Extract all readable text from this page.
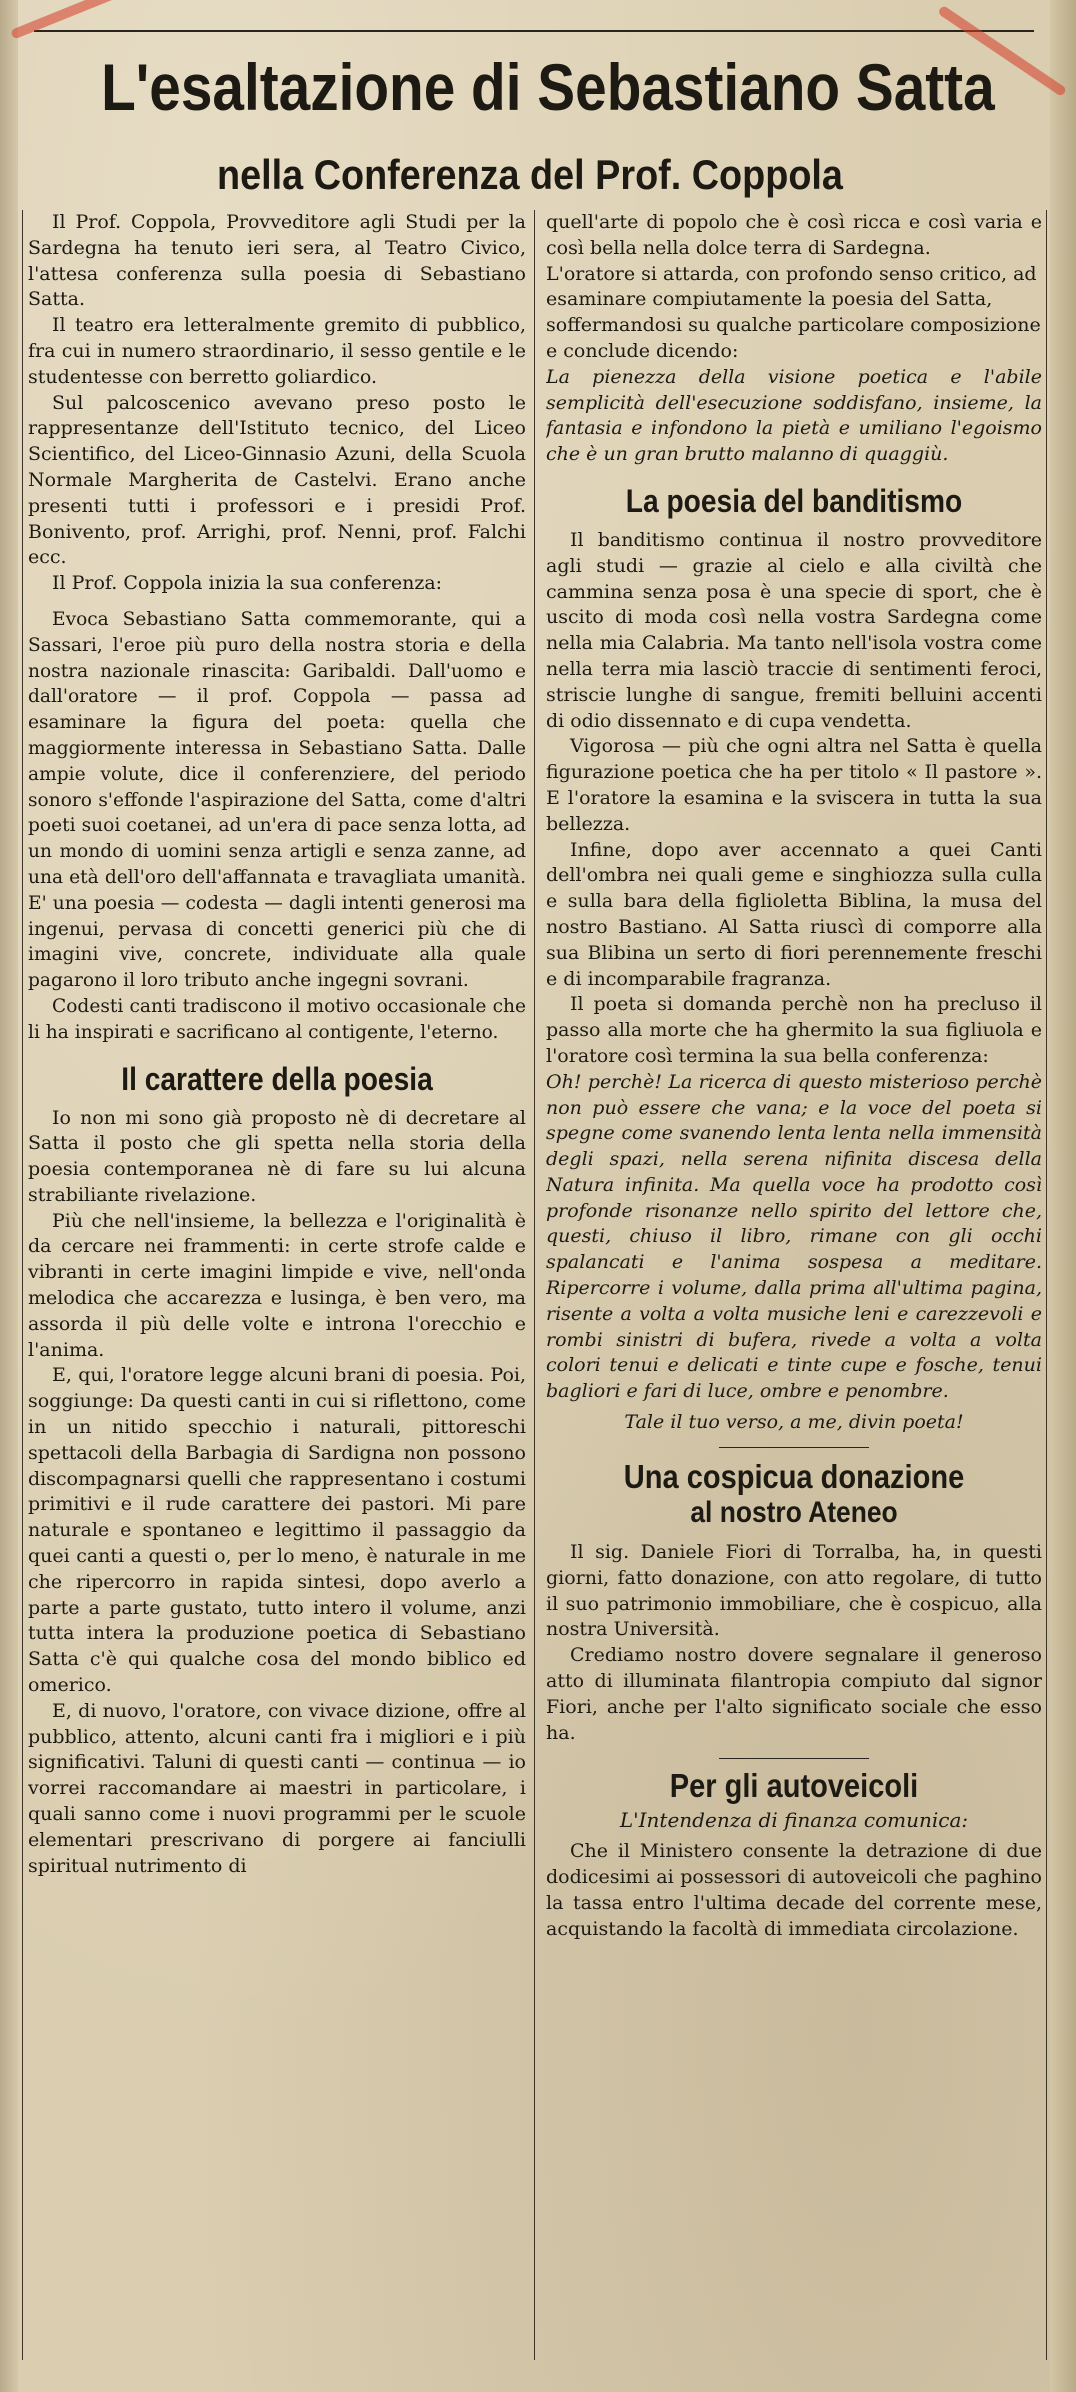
L'esaltazione di Sebastiano Satta
nella Conferenza del Prof. Coppola

Il Prof. Coppola, Provveditore agli Studi per la Sardegna ha tenuto ieri sera, al Teatro Civico, l'attesa conferenza sulla poesia di Sebastiano Satta.

Il teatro era letteralmente gremito di pubblico, fra cui in numero straordinario, il sesso gentile e le studentesse con berretto goliardico.

Sul palcoscenico avevano preso posto le rappresentanze dell'Istituto tecnico, del Liceo Scientifico, del Liceo-Ginnasio Azuni, della Scuola Normale Margherita de Castelvi. Erano anche presenti tutti i professori e i presidi Prof. Bonivento, prof. Arrighi, prof. Nenni, prof. Falchi ecc.

Il Prof. Coppola inizia la sua conferenza:

Evoca Sebastiano Satta commemorante, qui a Sassari, l'eroe più puro della nostra storia e della nostra nazionale rinascita: Garibaldi. Dall'uomo e dall'oratore — il prof. Coppola — passa ad esaminare la figura del poeta: quella che maggiormente interessa in Sebastiano Satta. Dalle ampie volute, dice il conferenziere, del periodo sonoro s'effonde l'aspirazione del Satta, come d'altri poeti suoi coetanei, ad un'era di pace senza lotta, ad un mondo di uomini senza artigli e senza zanne, ad una età dell'oro dell'affannata e travagliata umanità. E' una poesia — codesta — dagli intenti generosi ma ingenui, pervasa di concetti generici più che di imagini vive, concrete, individuate alla quale pagarono il loro tributo anche ingegni sovrani.

Codesti canti tradiscono il motivo occasionale che li ha inspirati e sacrificano al contigente, l'eterno.

Il carattere della poesia

Io non mi sono già proposto nè di decretare al Satta il posto che gli spetta nella storia della poesia contemporanea nè di fare su lui alcuna strabiliante rivelazione.

Più che nell'insieme, la bellezza e l'originalità è da cercare nei frammenti: in certe strofe calde e vibranti in certe imagini limpide e vive, nell'onda melodica che accarezza e lusinga, è ben vero, ma assorda il più delle volte e introna l'orecchio e l'anima.

E, qui, l'oratore legge alcuni brani di poesia. Poi, soggiunge: Da questi canti in cui si riflettono, come in un nitido specchio i naturali, pittoreschi spettacoli della Barbagia di Sardigna non possono discompagnarsi quelli che rappresentano i costumi primitivi e il rude carattere dei pastori. Mi pare naturale e spontaneo e legittimo il passaggio da quei canti a questi o, per lo meno, è naturale in me che ripercorro in rapida sintesi, dopo averlo a parte a parte gustato, tutto intero il volume, anzi tutta intera la produzione poetica di Sebastiano Satta c'è qui qualche cosa del mondo biblico ed omerico.

E, di nuovo, l'oratore, con vivace dizione, offre al pubblico, attento, alcuni canti fra i migliori e i più significativi. Taluni di questi canti — continua — io vorrei raccomandare ai maestri in particolare, i quali sanno come i nuovi programmi per le scuole elementari prescrivano di porgere ai fanciulli spiritual nutrimento di

quell'arte di popolo che è così ricca e così varia e così bella nella dolce terra di Sardegna.

L'oratore si attarda, con profondo senso critico, ad esaminare compiutamente la poesia del Satta, soffermandosi su qualche particolare composizione e conclude dicendo:

La pienezza della visione poetica e l'abile semplicità dell'esecuzione soddisfano, insieme, la fantasia e infondono la pietà e umiliano l'egoismo che è un gran brutto malanno di quaggiù.

La poesia del banditismo

Il banditismo continua il nostro provveditore agli studi — grazie al cielo e alla civiltà che cammina senza posa è una specie di sport, che è uscito di moda così nella vostra Sardegna come nella mia Calabria. Ma tanto nell'isola vostra come nella terra mia lasciò traccie di sentimenti feroci, striscie lunghe di sangue, fremiti belluini accenti di odio dissennato e di cupa vendetta.

Vigorosa — più che ogni altra nel Satta è quella figurazione poetica che ha per titolo « Il pastore ». E l'oratore la esamina e la sviscera in tutta la sua bellezza.

Infine, dopo aver accennato a quei Canti dell'ombra nei quali geme e singhiozza sulla culla e sulla bara della figlioletta Biblina, la musa del nostro Bastiano. Al Satta riuscì di comporre alla sua Blibina un serto di fiori perennemente freschi e di incomparabile fragranza.

Il poeta si domanda perchè non ha precluso il passo alla morte che ha ghermito la sua figliuola e l'oratore così termina la sua bella conferenza:

Oh! perchè! La ricerca di questo misterioso perchè non può essere che vana; e la voce del poeta si spegne come svanendo lenta lenta nella immensità degli spazi, nella serena nifinita discesa della Natura infinita. Ma quella voce ha prodotto così profonde risonanze nello spirito del lettore che, questi, chiuso il libro, rimane con gli occhi spalancati e l'anima sospesa a meditare. Ripercorre i volume, dalla prima all'ultima pagina, risente a volta a volta musiche leni e carezzevoli e rombi sinistri di bufera, rivede a volta a volta colori tenui e delicati e tinte cupe e fosche, tenui bagliori e fari di luce, ombre e penombre.

Tale il tuo verso, a me, divin poeta!

Una cospicua donazione
al nostro Ateneo

Il sig. Daniele Fiori di Torralba, ha, in questi giorni, fatto donazione, con atto regolare, di tutto il suo patrimonio immobiliare, che è cospicuo, alla nostra Università.

Crediamo nostro dovere segnalare il generoso atto di illuminata filantropia compiuto dal signor Fiori, anche per l'alto significato sociale che esso ha.

Per gli autoveicoli

L'Intendenza di finanza comunica:

Che il Ministero consente la detrazione di due dodicesimi ai possessori di autoveicoli che paghino la tassa entro l'ultima decade del corrente mese, acquistando la facoltà di immediata circolazione.
